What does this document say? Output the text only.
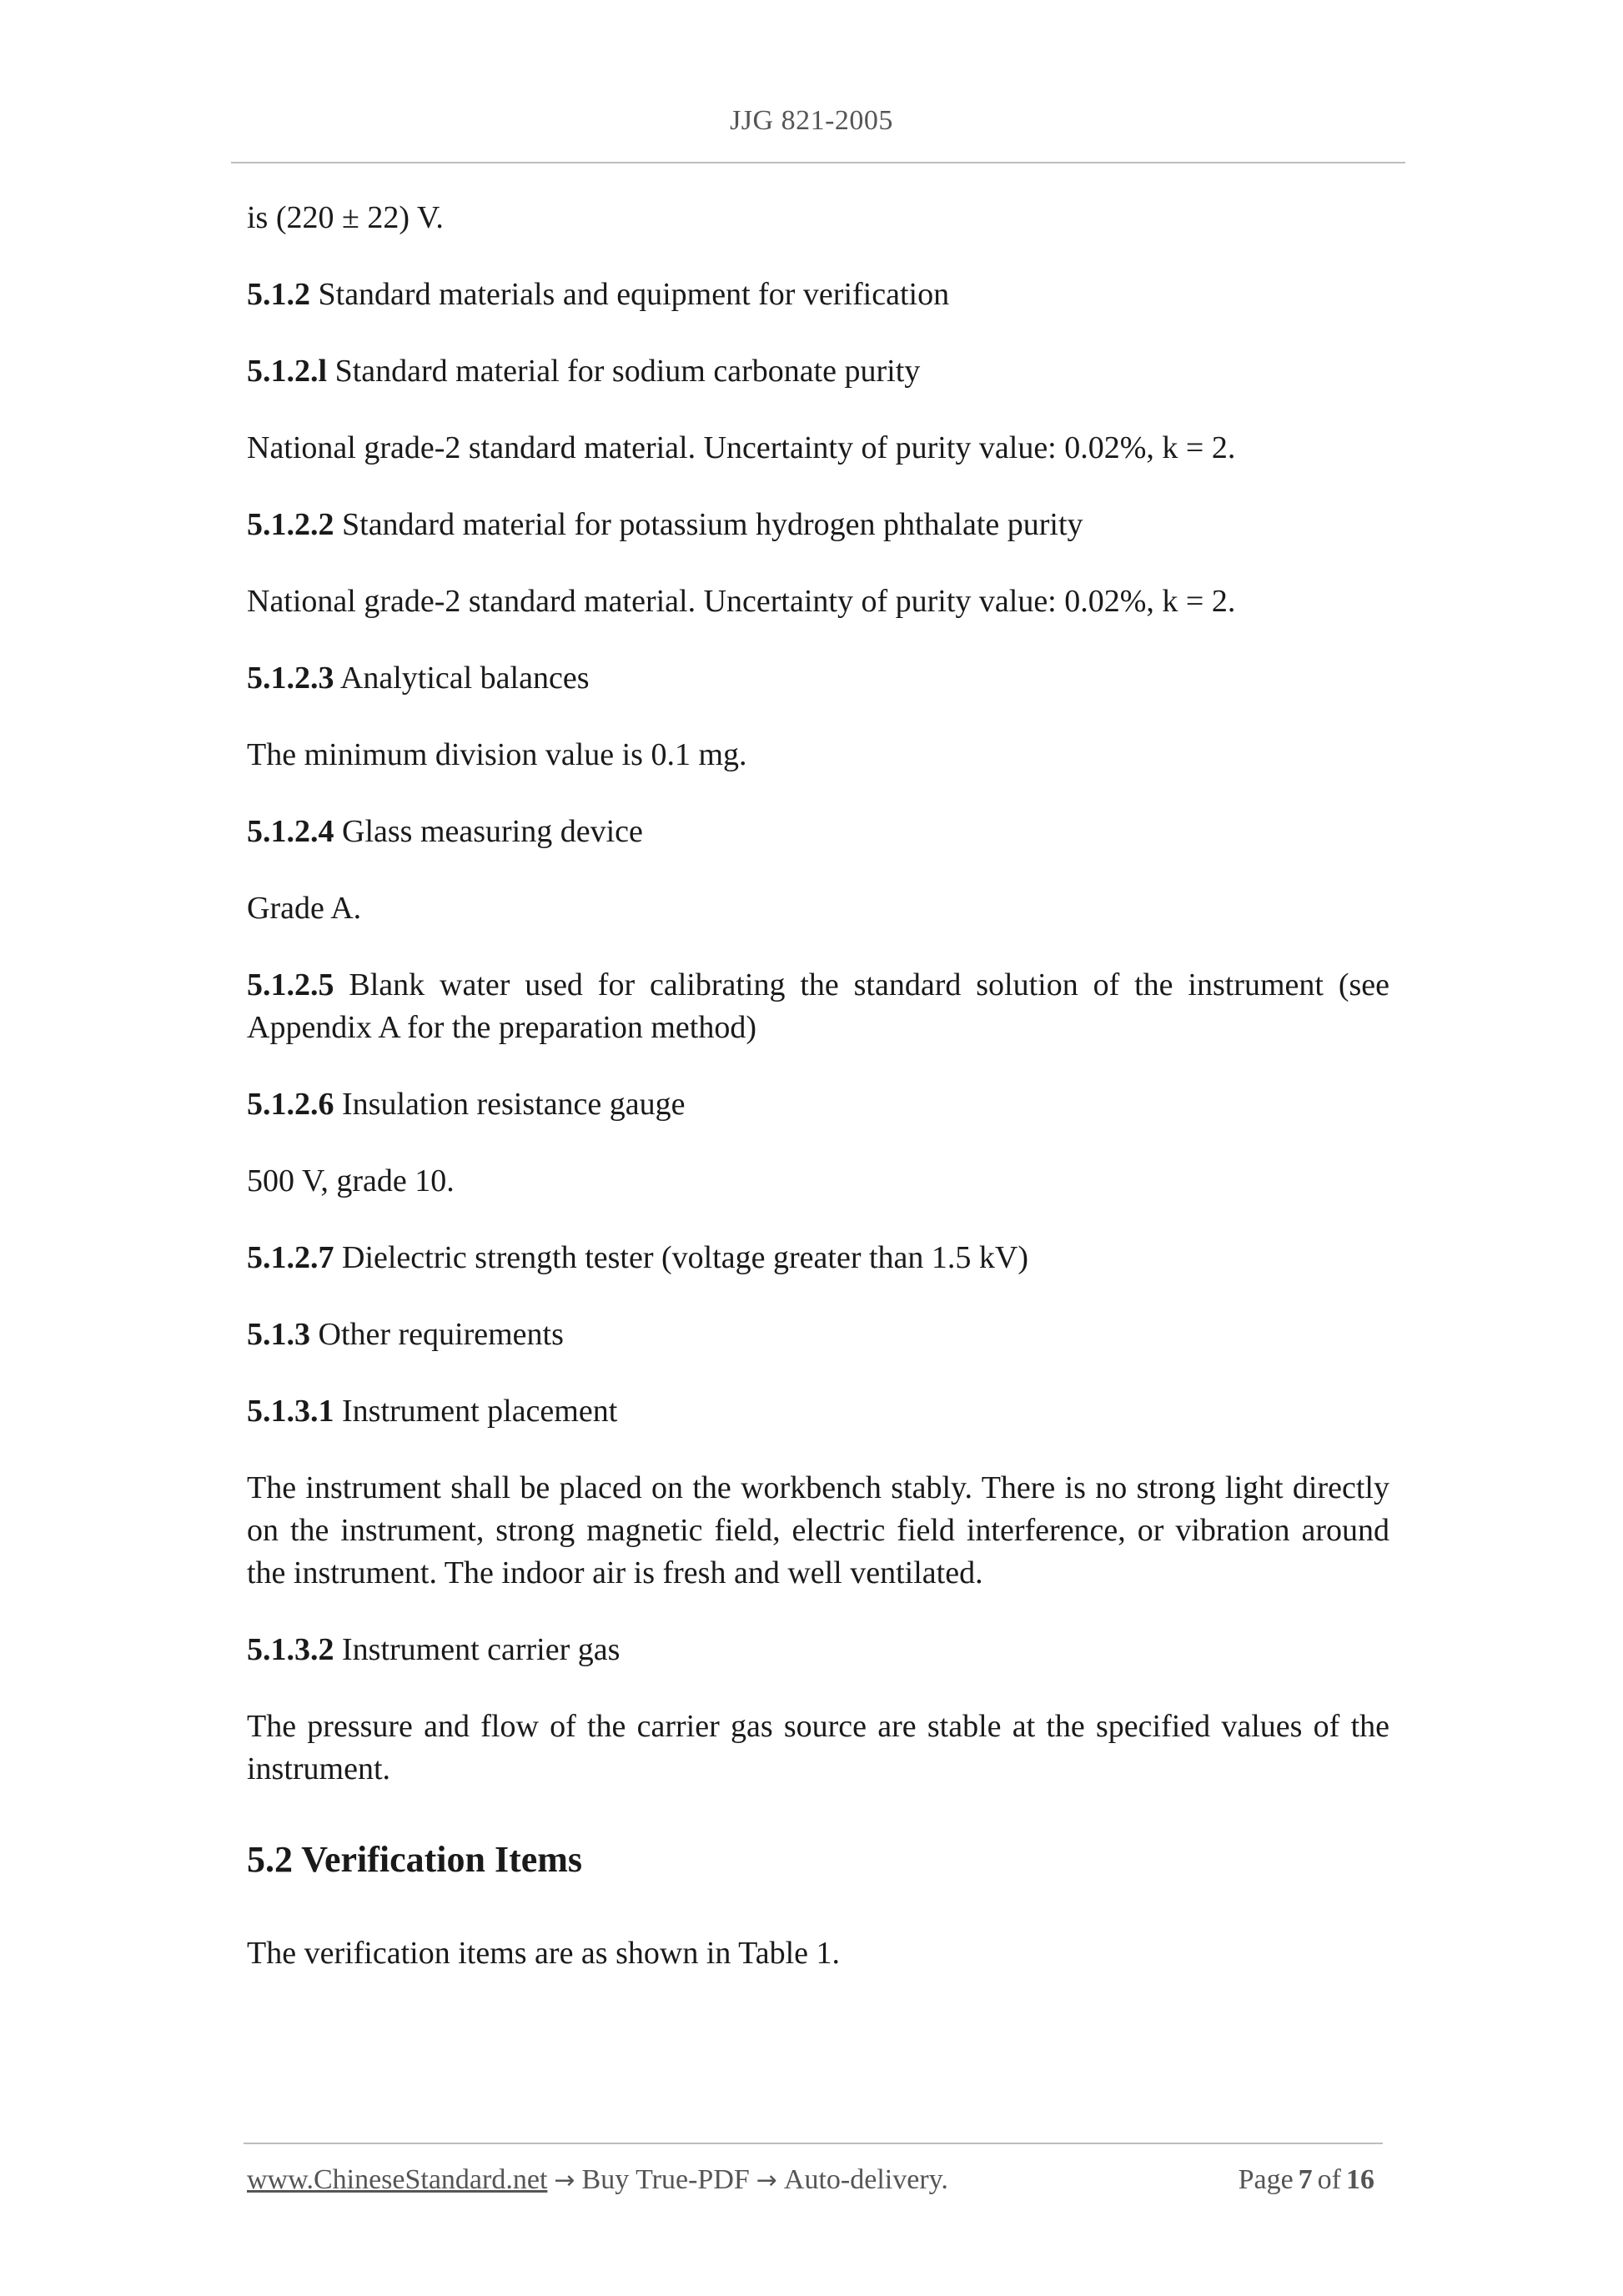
JJG 821-2005

is (220 ± 22) V.

5.1.2 Standard materials and equipment for verification

5.1.2.l Standard material for sodium carbonate purity

National grade-2 standard material. Uncertainty of purity value: 0.02%, k = 2.

5.1.2.2 Standard material for potassium hydrogen phthalate purity

National grade-2 standard material. Uncertainty of purity value: 0.02%, k = 2.

5.1.2.3 Analytical balances

The minimum division value is 0.1 mg.

5.1.2.4 Glass measuring device

Grade A.

5.1.2.5 Blank water used for calibrating the standard solution of the instrument (see Appendix A for the preparation method)

5.1.2.6 Insulation resistance gauge

500 V, grade 10.

5.1.2.7 Dielectric strength tester (voltage greater than 1.5 kV)

5.1.3 Other requirements

5.1.3.1 Instrument placement

The instrument shall be placed on the workbench stably. There is no strong light directly on the instrument, strong magnetic field, electric field interference, or vibration around the instrument. The indoor air is fresh and well ventilated.

5.1.3.2 Instrument carrier gas

The pressure and flow of the carrier gas source are stable at the specified values of the instrument.

5.2 Verification Items

The verification items are as shown in Table 1.

www.ChineseStandard.net → Buy True-PDF → Auto-delivery.	Page 7 of 16
